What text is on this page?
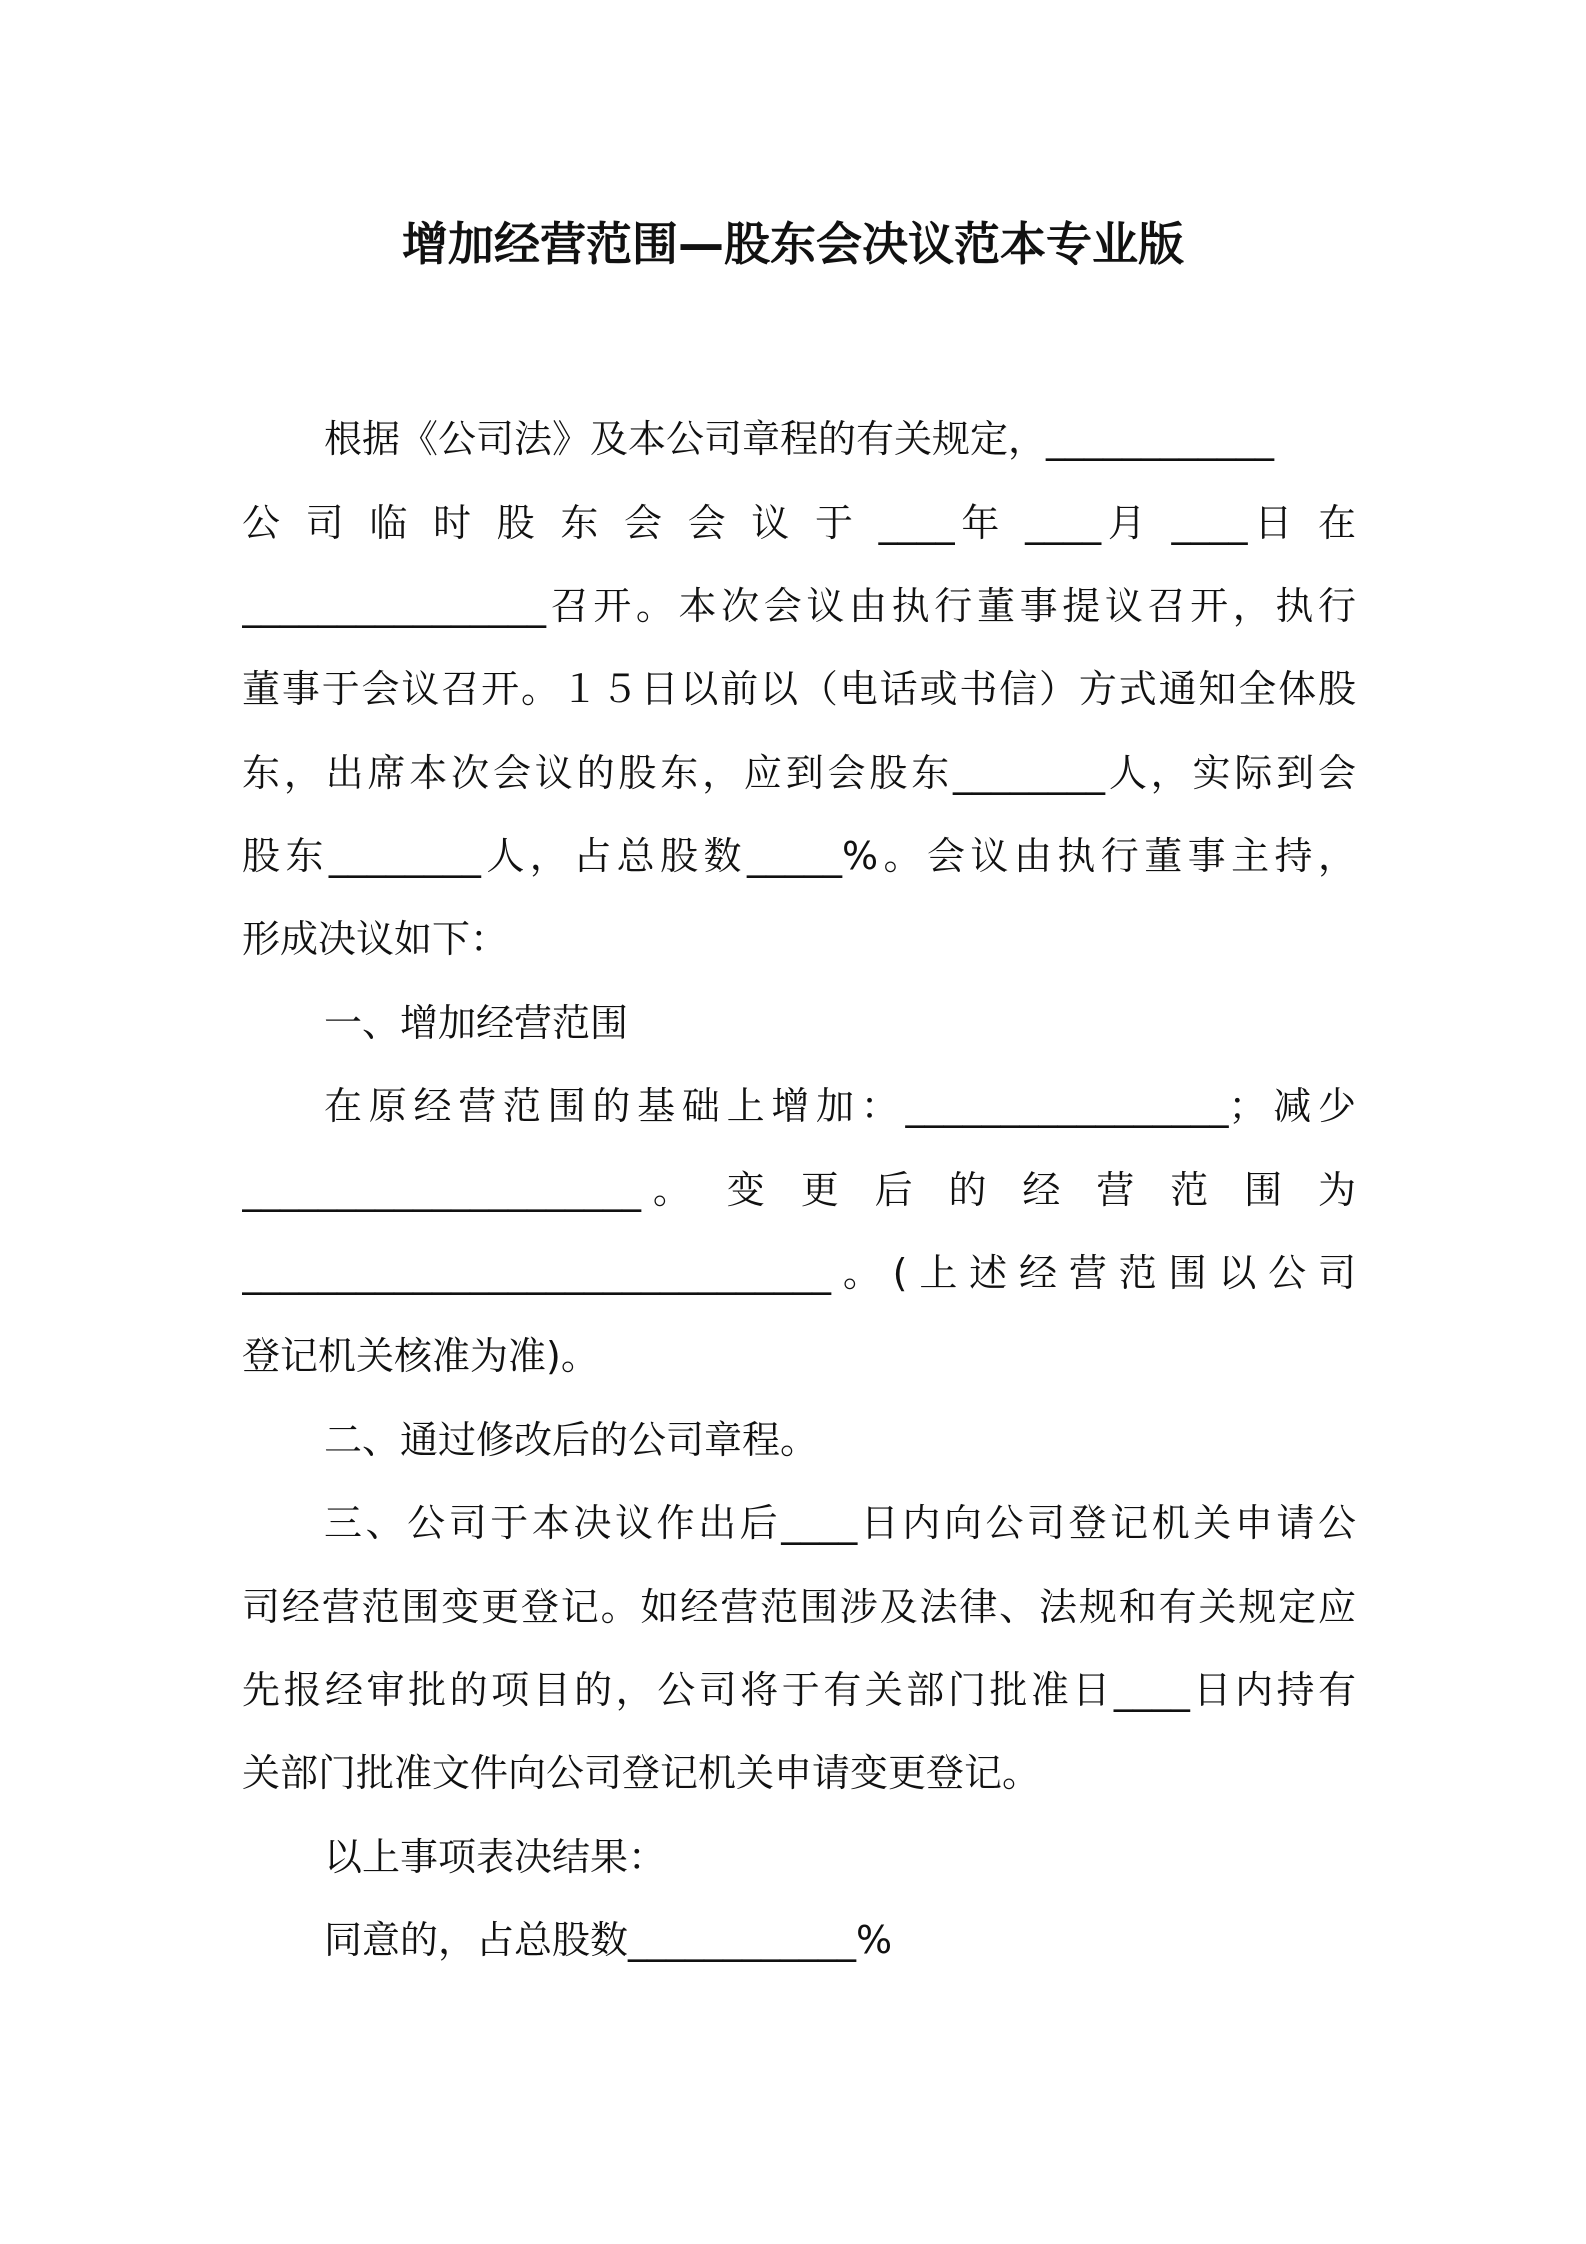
增加经营范围—股东会决议范本专业版
根据《公司法》及本公司章程的有关规定，____________
公 司 临 时 股 东 会 会 议 于 ____年 ____月 ____日 在
________________召开。本次会议由执行董事提议召开，执行
董事于会议召开。１５日以前以（电话或书信）方式通知全体股
东，出席本次会议的股东，应到会股东________人，实际到会
股东________人，占总股数_____%。会议由执行董事主持，
形成决议如下：
一、增加经营范围
在原经营范围的基础上增加：_________________；减少
_____________________。 变 更 后 的 经 营 范 围 为
_______________________________。(上述经营范围以公司
登记机关核准为准)。
二、通过修改后的公司章程。
三、公司于本决议作出后____日内向公司登记机关申请公
司经营范围变更登记。如经营范围涉及法律、法规和有关规定应
先报经审批的项目的，公司将于有关部门批准日____日内持有
关部门批准文件向公司登记机关申请变更登记。
以上事项表决结果：
同意的，占总股数____________%
